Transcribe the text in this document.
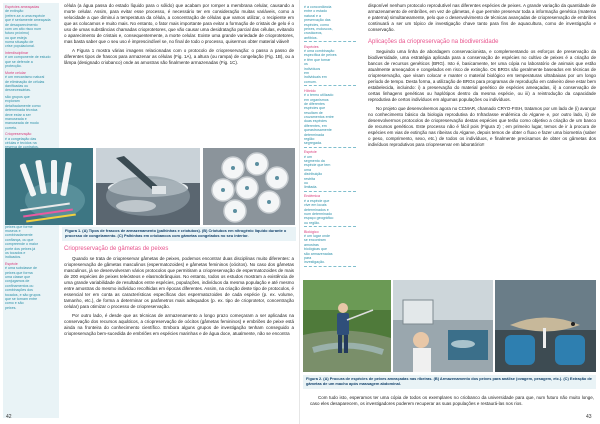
Espécies ameaçadas
de extinção
(refere-se a uma espécie
que é seriamente ameaçada
de desaparecimento
com um alto risco num
futuro próximo)
ou que esteja
numa situação de
crise populacional.
Interdisciplinar
é um componente de estudo
que se defende a
protecção.
Morte celular
é um mecanismo natural
de eliminação de células
danificadas ou
desnecessárias.
são grupos que
exploram
detalhadamente como
determinada técnica
deve estar a ser
manuseada e
manuseada de modo
correto.
Criopreservação
é a congelação das
células e tecidos na

peixes que forme
museus e
combinadamente
confiança, ou que
compreende o maior
porte dos peixes já
os tocados e
indicados.
Espécie
é uma subclasse de
peixes que forma
uma classe que
conjugamos de
confinamentos ou
combinações dos
tocados, e são grupos
que se tornam entre
como e são
peixes.

célula (a água passa do estado líquido para o sólido) que acabam por romper a membrana celular, causando a morte celular. Assim, para evitar esse processo, é necessário ter em consideração muitas variáveis, como a velocidade a que diminui a temperatura da célula, a concentração de células que vamos utilizar, o recipiente em que as colocamos e muito mais. No entanto, o fator mais importante para evitar a formação de cristais de gelo é o uso de umas substâncias chamadas crioprotetores, que vão causar uma desidratação parcial das células, evitando o aparecimento de cristais e, consequentemente, a morte celular. Existe uma grande variedade de crioprotetores, mas basta saber que o seu uso é imprescindível se, no final de todo o processo, quisermos obter material viável!

A Figura 1 mostra várias imagens relacionadas com o protocolo de criopreservação: o passo a passo de diferentes tipos de frascos para armazenar as células (Fig. 1A), a altura (ou rampa) de congelação (Fig. 1B), ou a lâmpa (designado criobanco) onde as amostras são finalmente armazenadas (Fig. 1C).

Figura 1. (A) Tipos de frascos de armazenamento (palhinhas e criotubos). (B) Criotubos em nitrogénio líquido durante o processo de congelamento. (C) Palhinhas em criobancos com gâmetas congelados no seu interior.
Criopreservação de gâmetas de peixes

Quando se trata de criopreservar gâmetas de peixes, podemos encontrar duas disciplinas muito diferentes: a criopreservação de gâmetas masculinos (espermatozoides) e gâmetas femininos (oócitos). No caso dos gâmetas masculinos, já se desenvolveram vários protocolos que permitiram a criopreservação de espermatozoides de mais de 200 espécies de peixes teleósteos e elasmobrânquios. No entanto, todos os estudos mostram a existência de uma grande variabilidade de resultados entre espécies, populações, indivíduos da mesma população e até mesmo entre amostras do mesmo indivíduo recolhidas em épocas diferentes. Assim, na criação deste tipo de protocolos, é essencial ter em conta as características específicas dos espermatozoides de cada espécie (p. ex. volume, tamanho, etc.), de forma a determinar os parâmetros mais adequados (p. ex. tipo de crioprotetor, concentração celular) para otimizar o processo de criopreservação.

Por outro lado, é desde que as técnicas de armazenamento a longo prazo começaram a ser aplicadas na conservação dos recursos aquáticos, a criopreservação de oócitos (gâmetas femininos) e embriões de peixe está ainda na fronteira do conhecimento científico. Embora alguns grupos de investigação tenham conseguido a criopreservação bem-sucedida de embriões em espécies marinhas e de água doce, atualmente, não se encontra

42
é a concordância
entre o estado
natural e a
preservação das
espécies, como
peixes, moluscos,
crustáceos,
anfíbios.
Espécies
é uma combinação
específica de peixes
e têm que tornar
os
indivíduos
em
individuais em
comum.
Híbrido
é o termo utilizado
em organismos
de diferentes
espécies que
resultam de
cruzamentos entre
duas espécies
diferentes, em
queastrosamente
determinada
região:
segregada.
Espécie
é um
segmento da
espécie que tem
uma
distribuição
restrita
ou
limitada.
Endémica
é a espécie que
vive em locais
determinados e
num determinado
espaço geográfico
ou região.
Biológico
é um lugar onde
se encontram
amostras
biológicas que
são armazenadas
para
investigação.

disponível nenhum protocolo reprodutível nas diferentes espécies de peixes. A grande variação da quantidade de armazenamento de embriões, em vez de gâmetas, é que permite preservar toda a informação genética (materna e paterna) simultaneamente, pelo que o desenvolvimento de técnicas avançadas de criopreservação de embriões continuará a ser um tópico de investigação chave tanto para fins de aquacultura, como de investigação e conservação.

Aplicações da criopreservação na biodiversidade

Seguindo uma linha de abordagem conservacionista, e complementando os esforços de preservação da biodiversidade, uma estratégia aplicada para a conservação de espécies no cultivo de peixes é a criação de bancos de recursos genéticos (BRG). Isto é, basicamente, ter uma cópia no laboratório de animais que estão atualmente ameaçados e congelados em risco de extinção. Os BRGs são geralmente baseados em técnicas de criopreservação, que visam colocar e manter o material biológico em temperaturas ultrabaixas por um longo período de tempo. Desta forma, a utilização de BRGs para programas de reprodução em cativeiro deve estar bem estabelecida, incluindo: i) a preservação do material genético de espécies ameaçadas, ii) a conservação de certas linhagens genéticas ou haplótipos dentro da mesma espécie, ou iii) a reintrodução da capacidade reprodutiva de certos indivíduos em algumas populações ou indivíduos.

No projeto que desenvolvemos agora no CCMAR, chamado CRYO-FISH, tratamos por um lado de (i) avançar no conhecimento básico da biologia reprodutiva do Infraclasse endémica do Algarve e, por outro lado, ii) de desenvolvermos protocolos de criopreservação destas espécies que terão como objetivo a criação de um banco de recursos genéticos. Este processo não é fácil pois (Figura 2) ; em primeiro lugar, temos de ir à procura de espécies em vias de extinção nas ribeiras do Algarve, depois temos de obter o fluxo e fazer uma biometria (saber o peso, comprimento, sexo, etc.) de todos os indivíduos, e finalmente precisamos de obter os gâmetas dos indivíduos reprodutivos para criopreservar em laboratório!!

Figura 2. (A) Procura de espécies de peixes ameaçadas nas ribeiras. (B) Armazenamento dos peixes para análise (ovagem, pesagem, etc.). (C) Extração de gâmetas de um macho após massagem abdominal.

Com tudo isto, esperamos ter uma cópia de todos os exemplares no criobanco da universidade para que, num futuro não muito longe, caso eles desaparecem, os investigadores poderem recuperar as suas populações e restaurá-las nos rios.

43
